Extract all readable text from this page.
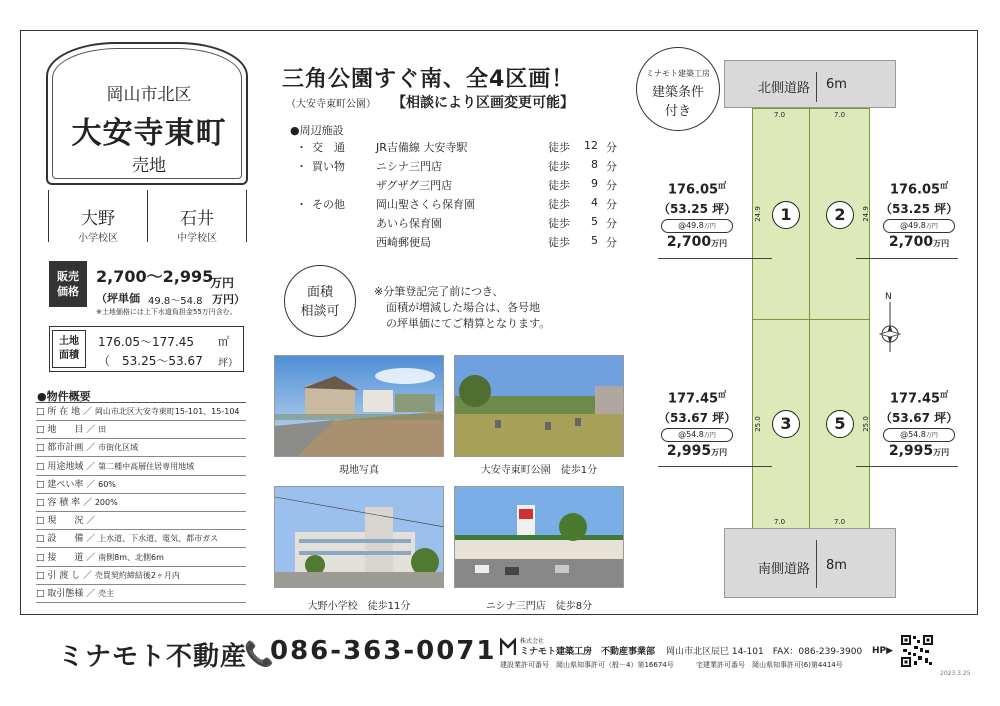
岡山市北区
大安寺東町
売地
大野
小学校区
石井
中学校区
販売価格
2,700〜2,995
万円
（坪単価 49.8〜54.8 万円）
※土地価格には上下水道負担金55万円含む。
土地面積
176.05〜177.45 ㎡
（　53.25〜53.67 坪）
●物件概要
□ 所 在 地 ／ 岡山市北区大安寺東町15-101、15-104
□ 地　　目 ／ 田
□ 都市計画 ／ 市街化区域
□ 用途地域 ／ 第二種中高層住居専用地域
□ 建ぺい率 ／ 60%
□ 容 積 率 ／ 200%
□ 現　　況 ／
□ 設　　備 ／ 上水道、下水道、電気、都市ガス
□ 接　　道 ／ 南側8m、北側6m
□ 引 渡 し ／ 売買契約締結後2ヶ月内
□ 取引態様 ／ 売主
三角公園すぐ南、全4区画！
（大安寺東町公園） 【相談により区画変更可能】
●周辺施設
・ 交　通	JR吉備線 大安寺駅	徒歩	12 分
・ 買い物	ニシナ三門店	徒歩	8 分
ザグザグ三門店	徒歩	9 分
・ その他	岡山聖さくら保育園	徒歩	4 分
あいら保育園	徒歩	5 分
西崎郵便局	徒歩	5 分
面積
相談可
※分筆登記完了前につき、
面積が増減した場合は、各号地
の坪単価にてご精算となります。
現地写真	大安寺東町公園　徒歩1分
大野小学校　徒歩11分	ニシナ三門店　徒歩8分
ミナモト建築工房
建築条件
付き
北側道路 6m
南側道路 8m
7.0	7.0
7.0	7.0
24.9	24.9
25.0	25.0
1	2
3	5
N
176.05㎡
（53.25 坪）
@49.8万円
2,700万円
176.05㎡
（53.25 坪）
@49.8万円
2,700万円
177.45㎡
（53.67 坪）
@54.8万円
2,995万円
177.45㎡
（53.67 坪）
@54.8万円
2,995万円
ミナモト不動産
📞
086-363-0071	株式会社
ミナモト建築工房　不動産事業部 岡山市北区辰巳 14-101　FAX：086-239-3900 HP▶
建設業許可番号　岡山県知事許可（般－4）第16674号	宅建業許可番号　岡山県知事許可(6)第4414号
2023.3.25
